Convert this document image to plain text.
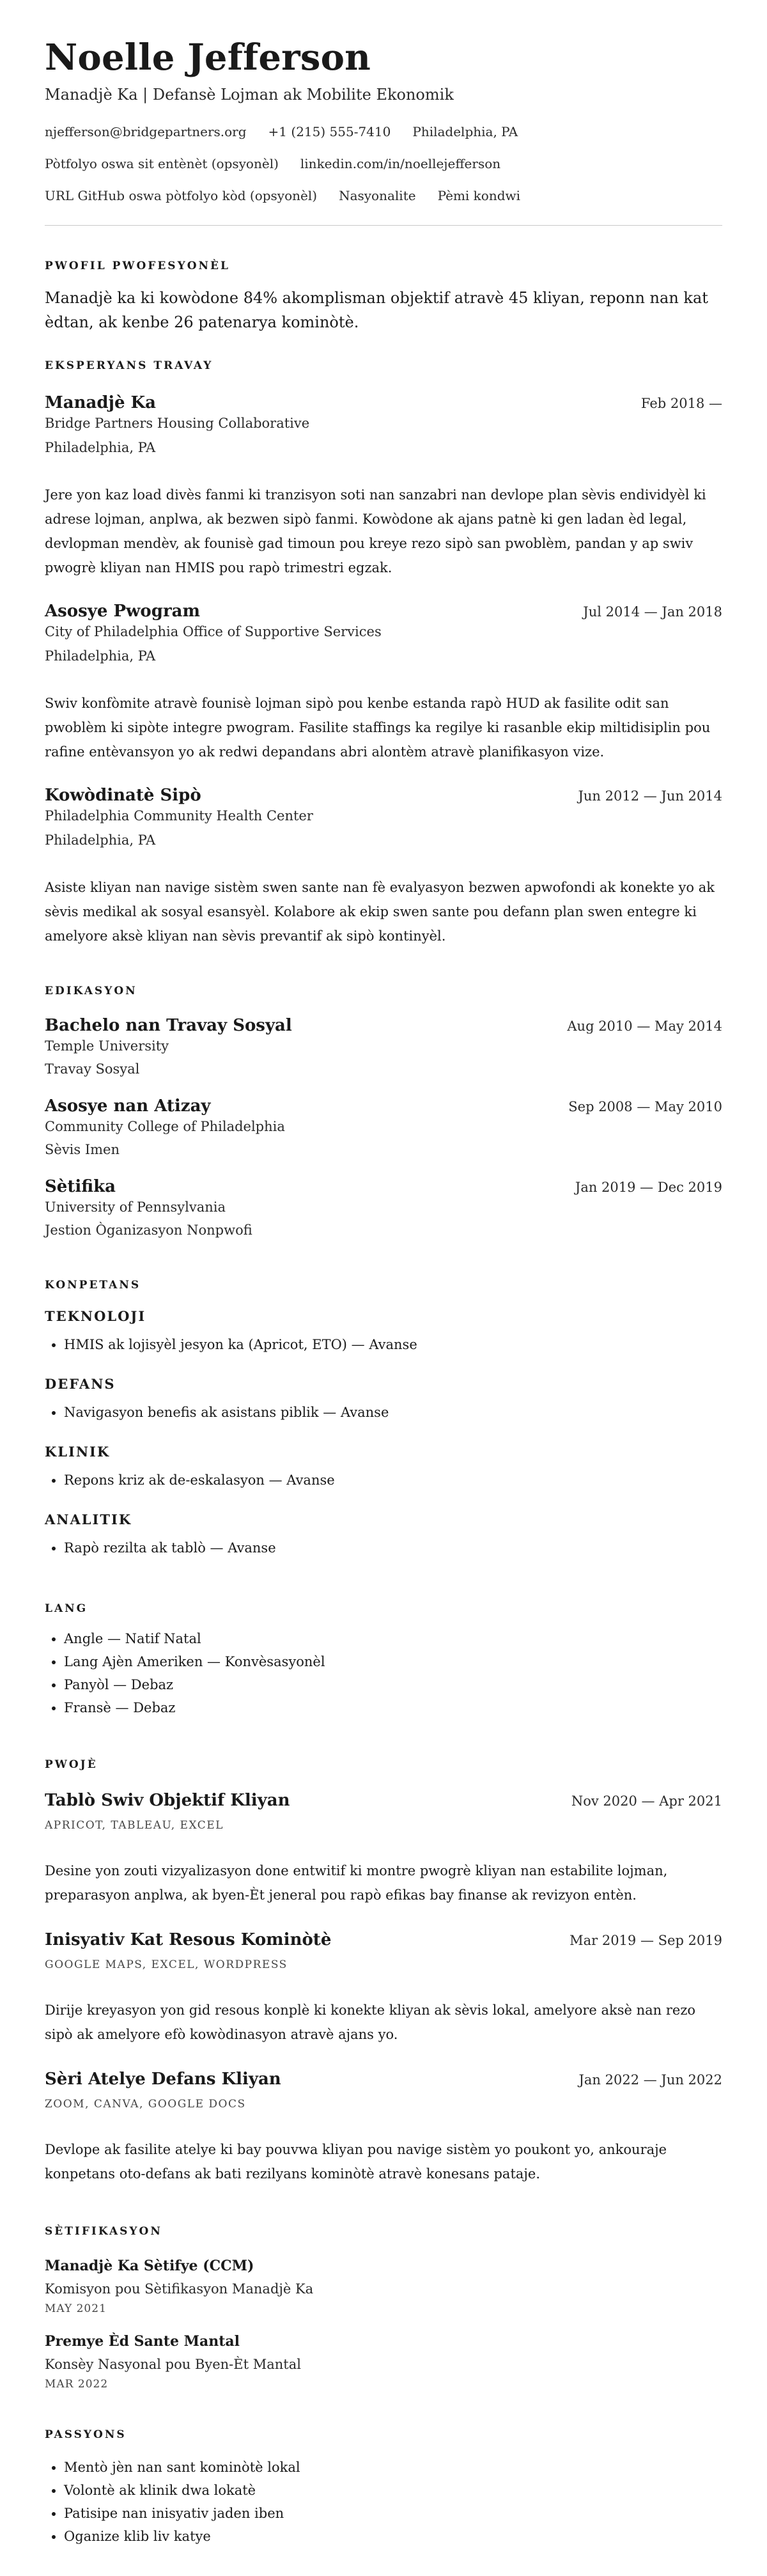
Noelle Jefferson
Manadjè Ka | Defansè Lojman ak Mobilite Ekonomik
njefferson@bridgepartners.org +1 (215) 555-7410 Philadelphia, PA
Pòtfolyo oswa sit entènèt (opsyonèl) linkedin.com/in/noellejefferson
URL GitHub oswa pòtfolyo kòd (opsyonèl) Nasyonalite Pèmi kondwi
PWOFIL PWOFESYONÈL

Manadjè ka ki kowòdone 84% akomplisman objektif atravè 45 kliyan, reponn nan kat èdtan, ak kenbe 26 patenarya kominòtè.

EKSPERYANS TRAVAY
Manadjè Ka	Feb 2018 —
Bridge Partners Housing Collaborative
Philadelphia, PA
Jere yon kaz load divès fanmi ki tranzisyon soti nan sanzabri nan devlope plan sèvis endividyèl ki adrese lojman, anplwa, ak bezwen sipò fanmi. Kowòdone ak ajans patnè ki gen ladan èd legal, devlopman mendèv, ak founisè gad timoun pou kreye rezo sipò san pwoblèm, pandan y ap swiv pwogrè kliyan nan HMIS pou rapò trimestri egzak.
Asosye Pwogram	Jul 2014 — Jan 2018
City of Philadelphia Office of Supportive Services
Philadelphia, PA
Swiv konfòmite atravè founisè lojman sipò pou kenbe estanda rapò HUD ak fasilite odit san pwoblèm ki sipòte integre pwogram. Fasilite staffings ka regilye ki rasanble ekip miltidisiplin pou rafine entèvansyon yo ak redwi depandans abri alontèm atravè planifikasyon vize.
Kowòdinatè Sipò	Jun 2012 — Jun 2014
Philadelphia Community Health Center
Philadelphia, PA
Asiste kliyan nan navige sistèm swen sante nan fè evalyasyon bezwen apwofondi ak konekte yo ak sèvis medikal ak sosyal esansyèl. Kolabore ak ekip swen sante pou defann plan swen entegre ki amelyore aksè kliyan nan sèvis prevantif ak sipò kontinyèl.
EDIKASYON
Bachelo nan Travay Sosyal	Aug 2010 — May 2014
Temple University
Travay Sosyal
Asosye nan Atizay	Sep 2008 — May 2010
Community College of Philadelphia
Sèvis Imen
Sètifika	Jan 2019 — Dec 2019
University of Pennsylvania
Jestion Òganizasyon Nonpwofi
KONPETANS
TEKNOLOJI
• HMIS ak lojisyèl jesyon ka (Apricot, ETO) — Avanse
DEFANS
• Navigasyon benefis ak asistans piblik — Avanse
KLINIK
• Repons kriz ak de-eskalasyon — Avanse
ANALITIK
• Rapò rezilta ak tablò — Avanse
LANG
• Angle — Natif Natal
• Lang Ajèn Ameriken — Konvèsasyonèl
• Panyòl — Debaz
• Fransè — Debaz
PWOJÈ
Tablò Swiv Objektif Kliyan	Nov 2020 — Apr 2021
APRICOT, TABLEAU, EXCEL
Desine yon zouti vizyalizasyon done entwitif ki montre pwogrè kliyan nan estabilite lojman, preparasyon anplwa, ak byen-Èt jeneral pou rapò efikas bay finanse ak revizyon entèn.
Inisyativ Kat Resous Kominòtè	Mar 2019 — Sep 2019
GOOGLE MAPS, EXCEL, WORDPRESS
Dirije kreyasyon yon gid resous konplè ki konekte kliyan ak sèvis lokal, amelyore aksè nan rezo sipò ak amelyore efò kowòdinasyon atravè ajans yo.
Sèri Atelye Defans Kliyan	Jan 2022 — Jun 2022
ZOOM, CANVA, GOOGLE DOCS
Devlope ak fasilite atelye ki bay pouvwa kliyan pou navige sistèm yo poukont yo, ankouraje konpetans oto-defans ak bati rezilyans kominòtè atravè konesans pataje.
SÈTIFIKASYON
Manadjè Ka Sètifye (CCM)
Komisyon pou Sètifikasyon Manadjè Ka
MAY 2021
Premye Èd Sante Mantal
Konsèy Nasyonal pou Byen-Èt Mantal
MAR 2022
PASSYONS
• Mentò jèn nan sant kominòtè lokal
• Volontè ak klinik dwa lokatè
• Patisipe nan inisyativ jaden iben
• Oganize klib liv katye
